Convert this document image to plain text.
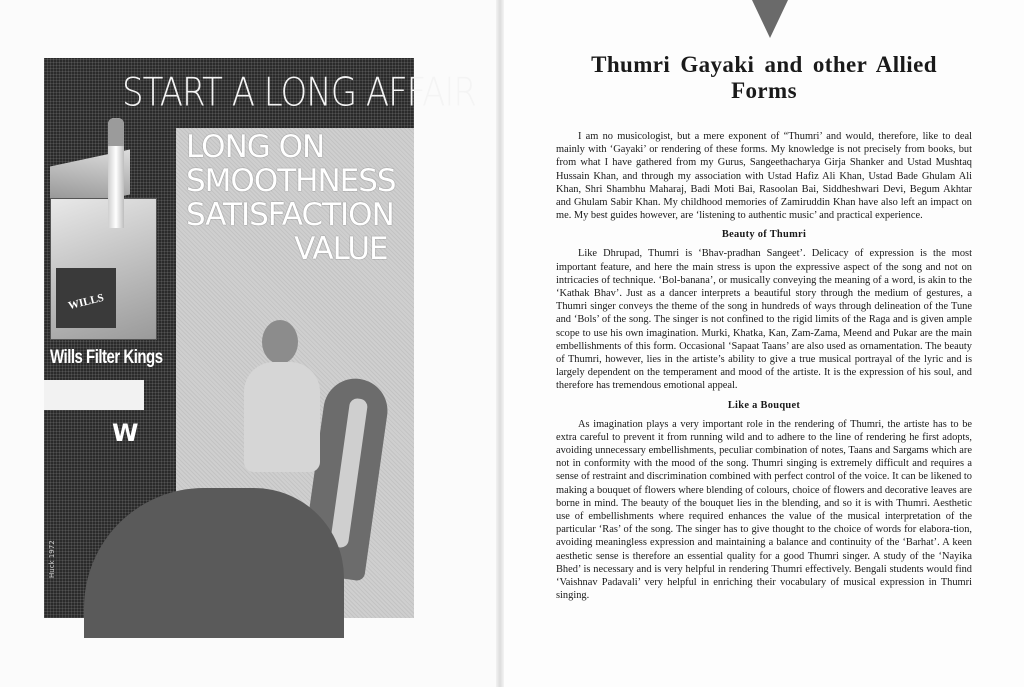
WILLS
START A LONG AFFAIR
LONG ON
SMOOTHNESS
SATISFACTION
VALUE
Wills Filter Kings
W
Huck 1972
Thumri Gayaki and other Allied Forms

I am no musicologist, but a mere exponent of “Thumri’ and would, therefore, like to deal mainly with ‘Gayaki’ or rendering of these forms. My knowledge is not precisely from books, but from what I have gathered from my Gurus, Sangeethacharya Girja Shanker and Ustad Mushtaq Hussain Khan, and through my association with Ustad Hafiz Ali Khan, Ustad Bade Ghulam Ali Khan, Shri Shambhu Maharaj, Badi Moti Bai, Rasoolan Bai, Siddheshwari Devi, Begum Akhtar and Ghulam Sabir Khan. My childhood memories of Zamiruddin Khan have also left an impact on me. My best guides however, are ‘listening to authentic music’ and practical experience.

Beauty of Thumri

Like Dhrupad, Thumri is ‘Bhav-pradhan Sangeet’. Delicacy of expression is the most important feature, and here the main stress is upon the expressive aspect of the song and not on intricacies of technique. ‘Bol-banana’, or musically conveying the meaning of a word, is akin to the ‘Kathak Bhav’. Just as a dancer interprets a beautiful story through the medium of gestures, a Thumri singer conveys the theme of the song in hundreds of ways through delineation of the Tune and ‘Bols’ of the song. The singer is not confined to the rigid limits of the Raga and is given ample scope to use his own imagination. Murki, Khatka, Kan, Zam-Zama, Meend and Pukar are the main embellishments of this form. Occasional ‘Sapaat Taans’ are also used as ornamentation. The beauty of Thumri, however, lies in the artiste’s ability to give a true musical portrayal of the lyric and is largely dependent on the temperament and mood of the artiste. It is the expression of his soul, and therefore has tremendous emotional appeal.

Like a Bouquet

As imagination plays a very important role in the rendering of Thumri, the artiste has to be extra careful to prevent it from running wild and to adhere to the line of rendering he first adopts, avoiding unnecessary embellishments, peculiar combination of notes, Taans and Sargams which are not in conformity with the mood of the song. Thumri singing is extremely difficult and requires a sense of restraint and discrimination combined with perfect control of the voice. It can be likened to making a bouquet of flowers where blending of colours, choice of flowers and decorative leaves are borne in mind. The beauty of the bouquet lies in the blending, and so it is with Thumri. Aesthetic use of embellishments where required enhances the value of the musical interpretation of the particular ‘Ras’ of the song. The singer has to give thought to the choice of words for elabora-tion, avoiding meaningless expression and maintaining a balance and continuity of the ‘Barhat’. A keen aesthetic sense is therefore an essential quality for a good Thumri singer. A study of the ‘Nayika Bhed’ is necessary and is very helpful in rendering Thumri effectively. Bengali students would find ‘Vaishnav Padavali’ very helpful in enriching their vocabulary of musical expression in Thumri singing.
